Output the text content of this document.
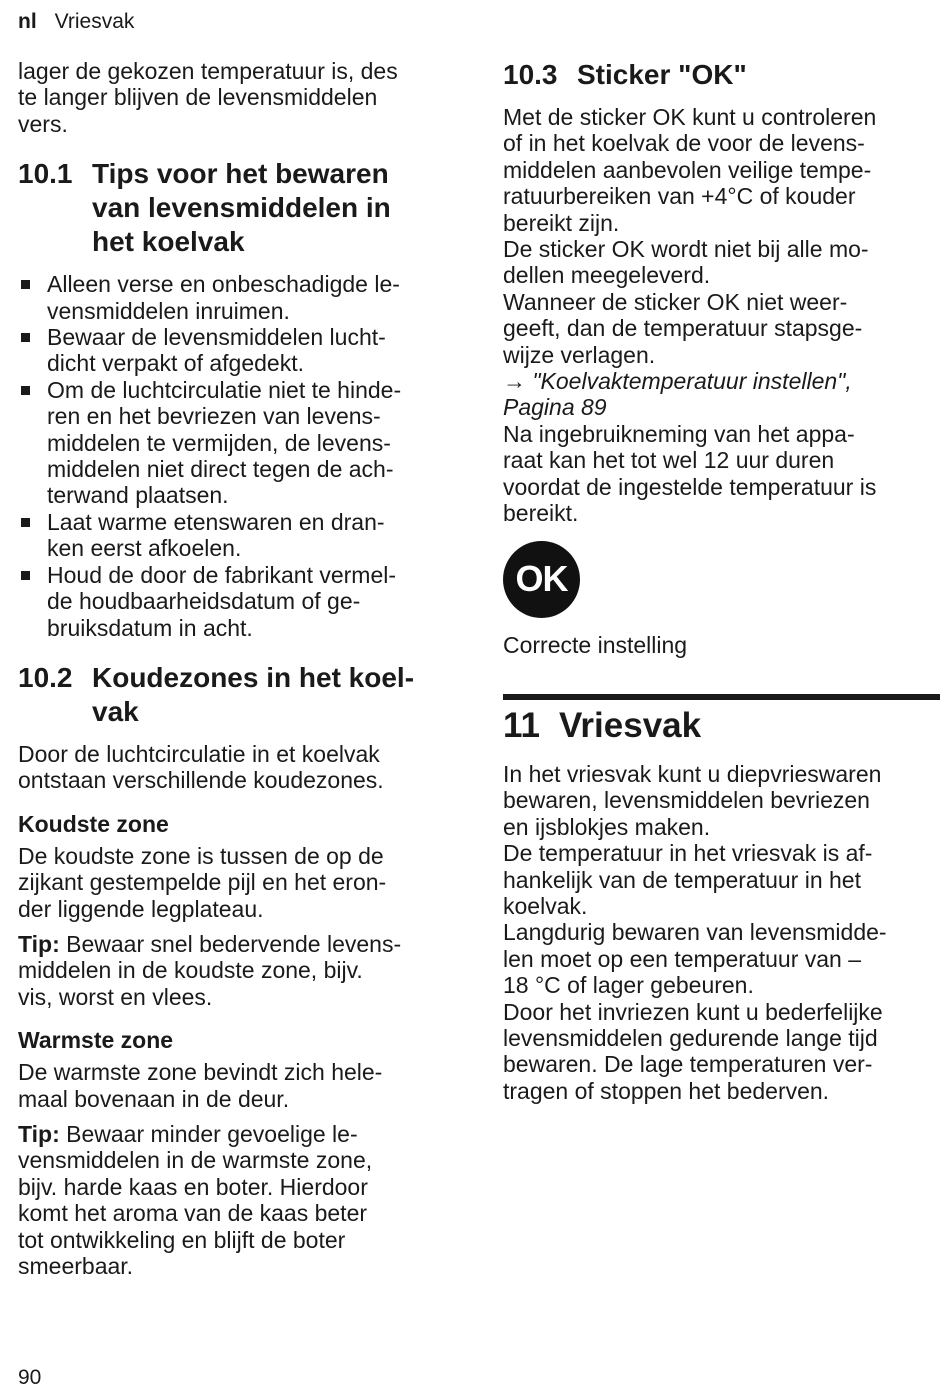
nl Vriesvak

lager de gekozen temperatuur is, des
te langer blijven de levensmiddelen
vers.

10.1 Tips voor het bewaren
van levensmiddelen in
het koelvak
Alleen verse en onbeschadigde le-
vensmiddelen inruimen.
Bewaar de levensmiddelen lucht-
dicht verpakt of afgedekt.
Om de luchtcirculatie niet te hinde-
ren en het bevriezen van levens-
middelen te vermijden, de levens-
middelen niet direct tegen de ach-
terwand plaatsen.
Laat warme etenswaren en dran-
ken eerst afkoelen.
Houd de door de fabrikant vermel-
de houdbaarheidsdatum of ge-
bruiksdatum in acht.
10.2 Koudezones in het koel-
vak

Door de luchtcirculatie in et koelvak
ontstaan verschillende koudezones.

Koudste zone

De koudste zone is tussen de op de
zijkant gestempelde pijl en het eron-
der liggende legplateau.

Tip: Bewaar snel bedervende levens-
middelen in de koudste zone, bijv.
vis, worst en vlees.

Warmste zone

De warmste zone bevindt zich hele-
maal bovenaan in de deur.

Tip: Bewaar minder gevoelige le-
vensmiddelen in de warmste zone,
bijv. harde kaas en boter. Hierdoor
komt het aroma van de kaas beter
tot ontwikkeling en blijft de boter
smeerbaar.

10.3 Sticker "OK"

Met de sticker OK kunt u controleren
of in het koelvak de voor de levens-
middelen aanbevolen veilige tempe-
ratuurbereiken van +4°C of kouder
bereikt zijn.

De sticker OK wordt niet bij alle mo-
dellen meegeleverd.

Wanneer de sticker OK niet weer-
geeft, dan de temperatuur stapsge-
wijze verlagen.

→ "Koelvaktemperatuur instellen",
Pagina 89

Na ingebruikneming van het appa-
raat kan het tot wel 12 uur duren
voordat de ingestelde temperatuur is
bereikt.

OK

Correcte instelling

11 Vriesvak

In het vriesvak kunt u diepvrieswaren
bewaren, levensmiddelen bevriezen
en ijsblokjes maken.

De temperatuur in het vriesvak is af-
hankelijk van de temperatuur in het
koelvak.

Langdurig bewaren van levensmidde-
len moet op een temperatuur van –
18 °C of lager gebeuren.

Door het invriezen kunt u bederfelijke
levensmiddelen gedurende lange tijd
bewaren. De lage temperaturen ver-
tragen of stoppen het bederven.

90
